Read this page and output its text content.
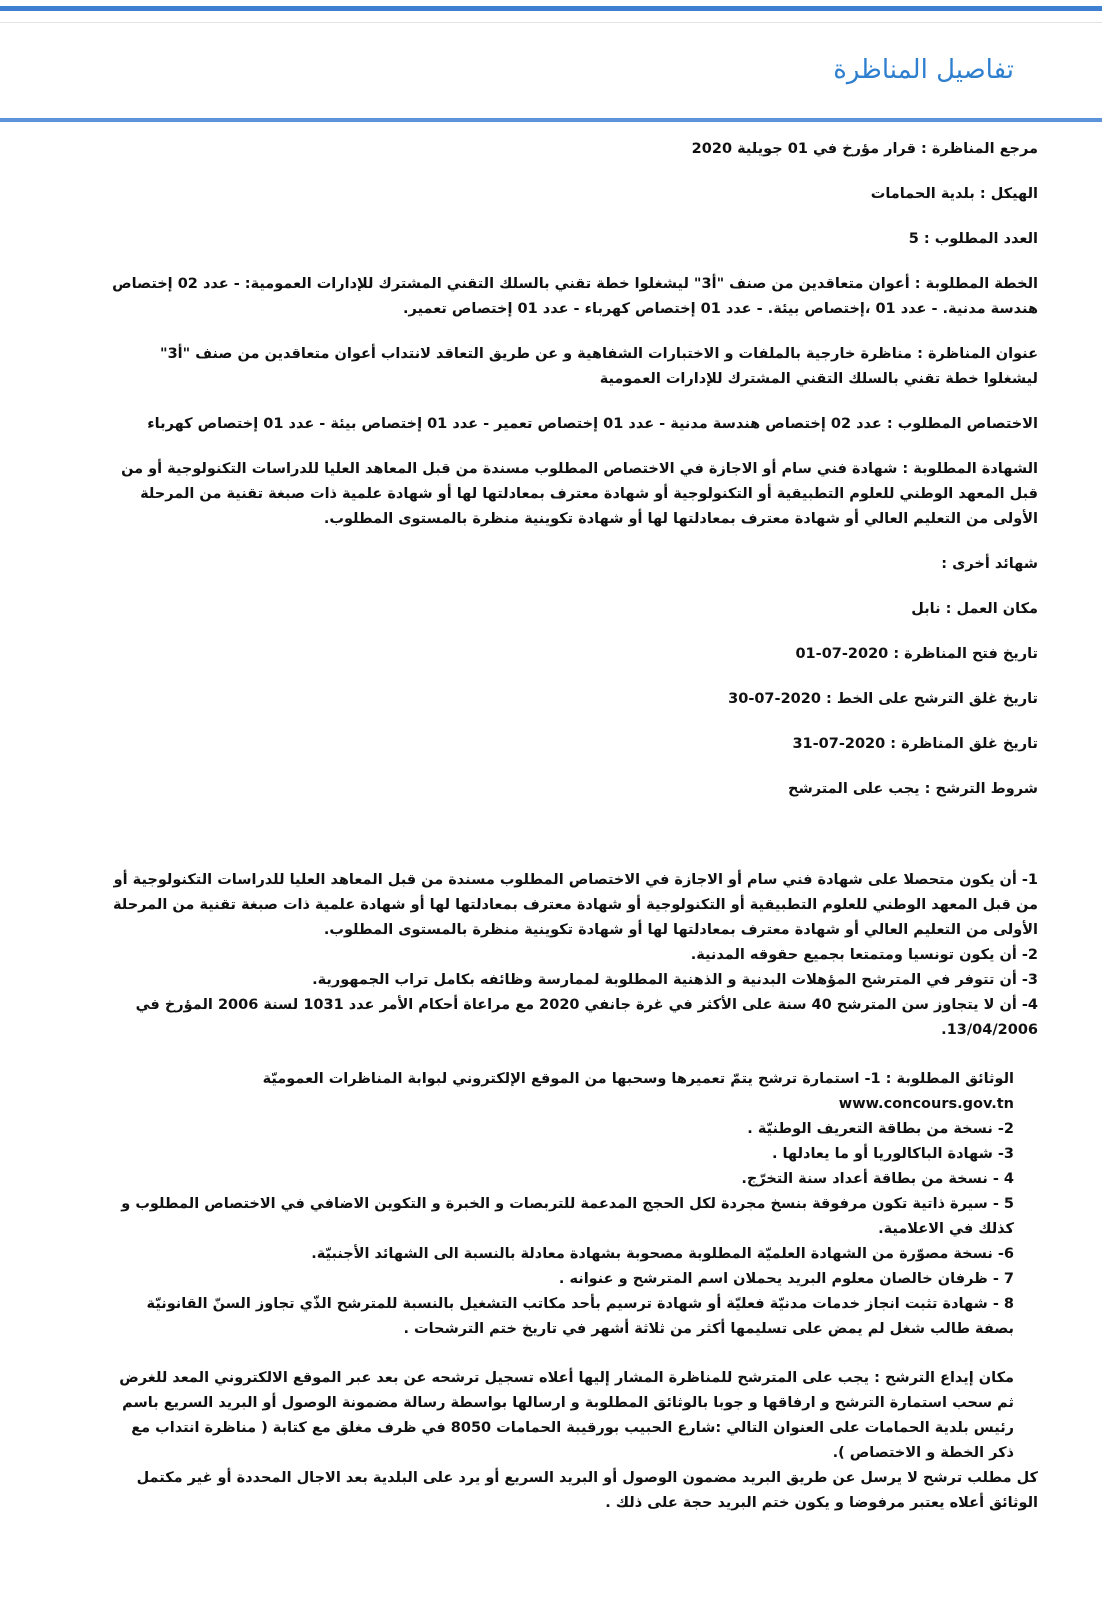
تفاصيل المناظرة
مرجع المناظرة : قرار مؤرخ في 01 جويلية 2020
الهيكل : بلدية الحمامات
العدد المطلوب : 5
الخطة المطلوبة : أعوان متعاقدين من صنف "أ3" ليشغلوا خطة تقني بالسلك التقني المشترك للإدارات العمومية: - عدد 02 إختصاص هندسة مدنية. - عدد 01 ،إختصاص بيئة. - عدد 01 إختصاص كهرباء - عدد 01 إختصاص تعمير.
عنوان المناظرة : مناظرة خارجية بالملفات و الاختبارات الشفاهية و عن طريق التعاقد لانتداب أعوان متعاقدين من صنف "أ3" ليشغلوا خطة تقني بالسلك التقني المشترك للإدارات العمومية
الاختصاص المطلوب : عدد 02 إختصاص هندسة مدنية - عدد 01 إختصاص تعمير - عدد 01 إختصاص بيئة - عدد 01 إختصاص كهرباء
الشهادة المطلوبة : شهادة فني سام أو الاجازة في الاختصاص المطلوب مسندة من قبل المعاهد العليا للدراسات التكنولوجية أو من قبل المعهد الوطني للعلوم التطبيقية أو التكنولوجية أو شهادة معترف بمعادلتها لها أو شهادة علمية ذات صبغة تقنية من المرحلة الأولى من التعليم العالي أو شهادة معترف بمعادلتها لها أو شهادة تكوينية منظرة بالمستوى المطلوب.
شهائد أخرى :
مكان العمل : نابل
تاريخ فتح المناظرة : 2020-07-01
تاريخ غلق الترشح على الخط : 2020-07-30
تاريخ غلق المناظرة : 2020-07-31
شروط الترشح : يجب على المترشح

1- أن يكون متحصلا على شهادة فني سام أو الاجازة في الاختصاص المطلوب مسندة من قبل المعاهد العليا للدراسات التكنولوجية أو من قبل المعهد الوطني للعلوم التطبيقية أو التكنولوجية أو شهادة معترف بمعادلتها لها أو شهادة علمية ذات صبغة تقنية من المرحلة الأولى من التعليم العالي أو شهادة معترف بمعادلتها لها أو شهادة تكوينية منظرة بالمستوى المطلوب.

2- أن يكون تونسيا ومتمتعا بجميع حقوقه المدنية.

3- أن تتوفر في المترشح المؤهلات البدنية و الذهنية المطلوبة لممارسة وظائفه بكامل تراب الجمهورية.

4- أن لا يتجاوز سن المترشح 40 سنة على الأكثر في غرة جانفي 2020 مع مراعاة أحكام الأمر عدد 1031 لسنة 2006 المؤرخ في 13/04/2006.

الوثائق المطلوبة : 1- استمارة ترشح يتمّ تعميرها وسحبها من الموقع الإلكتروني لبوابة المناظرات العموميّة

www.concours.gov.tn

2- نسخة من بطاقة التعريف الوطنيّة .

3- شهادة الباكالوريا أو ما يعادلها .

4 - نسخة من بطاقة أعداد سنة التخرّج.

5 - سيرة ذاتية تكون مرفوقة بنسخ مجردة لكل الحجج المدعمة للتربصات و الخبرة و التكوين الاضافي في الاختصاص المطلوب و كذلك في الاعلامية.

6- نسخة مصوّرة من الشهادة العلميّة المطلوبة مصحوبة بشهادة معادلة بالنسبة الى الشهائد الأجنبيّة.

7 - ظرفان خالصان معلوم البريد يحملان اسم المترشح و عنوانه .

8 - شهادة تثبت انجاز خدمات مدنيّة فعليّة أو شهادة ترسيم بأحد مكاتب التشغيل بالنسبة للمترشح الذّي تجاوز السنّ القانونيّة بصفة طالب شغل لم يمض على تسليمها أكثر من ثلاثة أشهر في تاريخ ختم الترشحات .

مكان إيداع الترشح : يجب على المترشح للمناظرة المشار إليها أعلاه تسجيل ترشحه عن بعد عبر الموقع الالكتروني المعد للغرض ثم سحب استمارة الترشح و ارفاقها و جوبا بالوثائق المطلوبة و ارسالها بواسطة رسالة مضمونة الوصول أو البريد السريع باسم رئيس بلدية الحمامات على العنوان التالي :شارع الحبيب بورقيبة الحمامات 8050 في ظرف مغلق مع كتابة ( مناظرة انتداب مع ذكر الخطة و الاختصاص ).

كل مطلب ترشح لا يرسل عن طريق البريد مضمون الوصول أو البريد السريع أو يرد على البلدية بعد الاجال المحددة أو غير مكتمل الوثائق أعلاه يعتبر مرفوضا و يكون ختم البريد حجة على ذلك .
